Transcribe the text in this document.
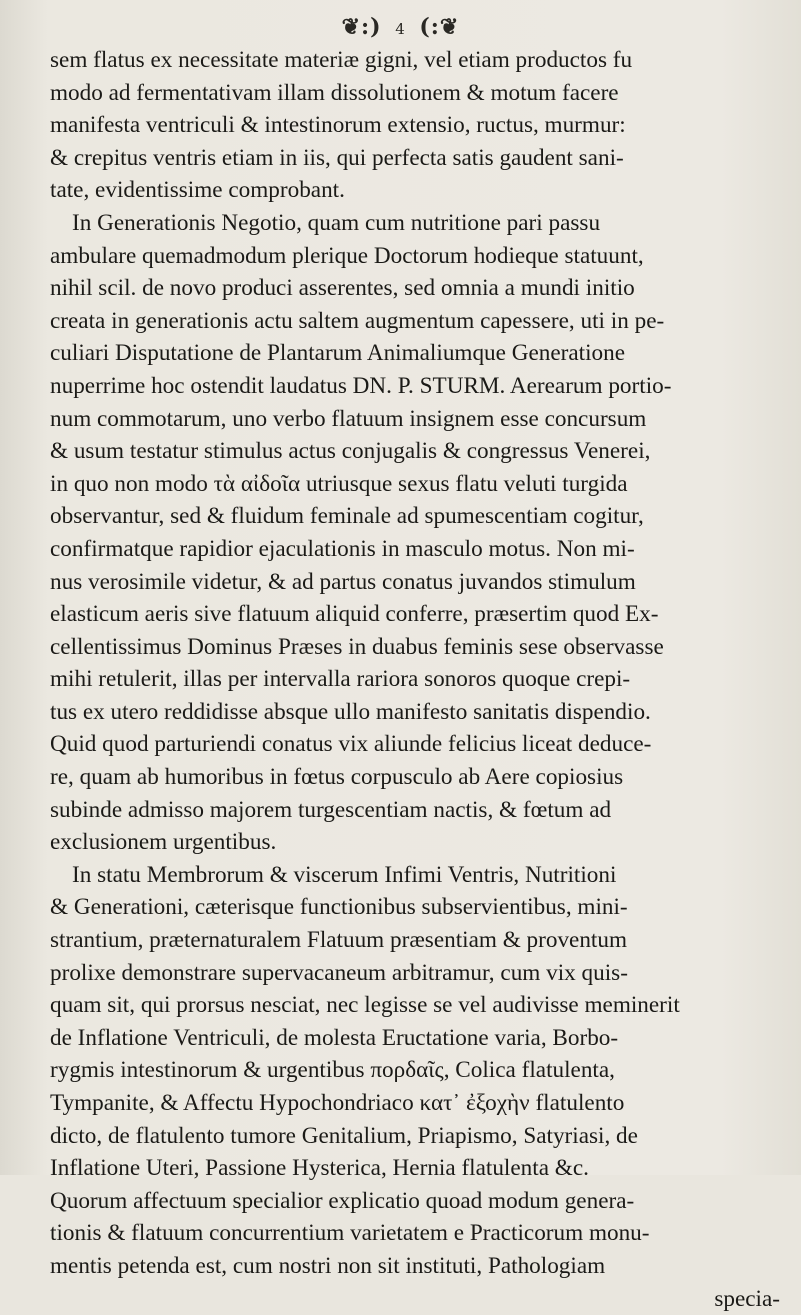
❦:) 4 (:❦
sem flatus ex necessitate materiæ gigni, vel etiam productos fu
modo ad fermentativam illam dissolutionem & motum facere
manifesta ventriculi & intestinorum extensio, ructus, murmur:
& crepitus ventris etiam in iis, qui perfecta satis gaudent sani-
tate, evidentissime comprobant.
In Generationis Negotio, quam cum nutritione pari passu
ambulare quemadmodum plerique Doctorum hodieque statuunt,
nihil scil. de novo produci asserentes, sed omnia a mundi initio
creata in generationis actu saltem augmentum capessere, uti in pe-
culiari Disputatione de Plantarum Animaliumque Generatione
nuperrime hoc ostendit laudatus DN. P. STURM. Aerearum portio-
num commotarum, uno verbo flatuum insignem esse concursum
& usum testatur stimulus actus conjugalis & congressus Venerei,
in quo non modo τὰ αἰδοῖα utriusque sexus flatu veluti turgida
observantur, sed & fluidum feminale ad spumescentiam cogitur,
confirmatque rapidior ejaculationis in masculo motus. Non mi-
nus verosimile videtur, & ad partus conatus juvandos stimulum
elasticum aeris sive flatuum aliquid conferre, præsertim quod Ex-
cellentissimus Dominus Præses in duabus feminis sese observasse
mihi retulerit, illas per intervalla rariora sonoros quoque crepi-
tus ex utero reddidisse absque ullo manifesto sanitatis dispendio.
Quid quod parturiendi conatus vix aliunde felicius liceat deduce-
re, quam ab humoribus in fœtus corpusculo ab Aere copiosius
subinde admisso majorem turgescentiam nactis, & fœtum ad
exclusionem urgentibus.
In statu Membrorum & viscerum Infimi Ventris, Nutritioni
& Generationi, cæterisque functionibus subservientibus, mini-
strantium, præternaturalem Flatuum præsentiam & proventum
prolixe demonstrare supervacaneum arbitramur, cum vix quis-
quam sit, qui prorsus nesciat, nec legisse se vel audivisse meminerit
de Inflatione Ventriculi, de molesta Eructatione varia, Borbo-
rygmis intestinorum & urgentibus πορδαῖς, Colica flatulenta,
Tympanite, & Affectu Hypochondriaco κατ᾽ ἐξοχὴν flatulento
dicto, de flatulento tumore Genitalium, Priapismo, Satyriasi, de
Inflatione Uteri, Passione Hysterica, Hernia flatulenta &c.
Quorum affectuum specialior explicatio quoad modum genera-
tionis & flatuum concurrentium varietatem e Practicorum monu-
mentis petenda est, cum nostri non sit instituti, Pathologiam
specia-
